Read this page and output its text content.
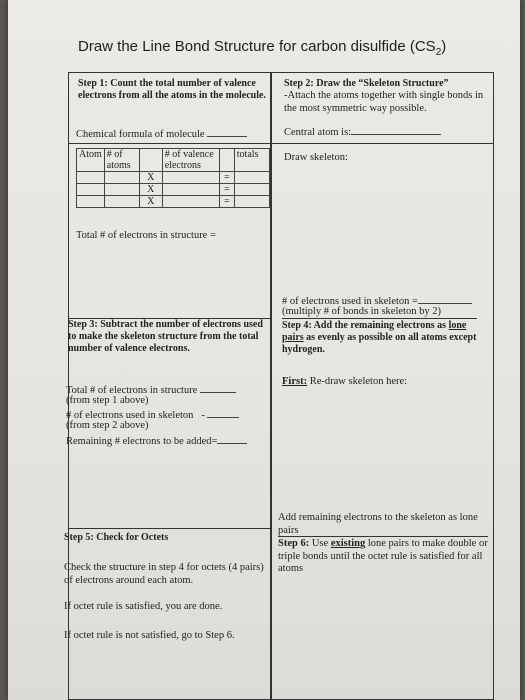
Draw the Line Bond Structure for carbon disulfide $(CS_2)$
Step 1: Count the total number of valence electrons from all the atoms in the molecule.
Chemical formula of molecule
Atom	# of atoms		# of valence electrons		totals
		X		=	
		X		=	
		X		=	
Total # of electrons in structure =
Step 2: Draw the “Skeleton Structure”
-Attach the atoms together with single bonds in the most symmetric way possible.
Central atom is:
Draw skeleton:
Step 3: Subtract the number of electrons used to make the skeleton structure from the total number of valence electrons.
Total # of electrons in structure
(from step 1 above)
# of electrons used in skeleton -
(from step 2 above)
Remaining # electrons to be added=
# of electrons used in skeleton =
(multiply # of bonds in skeleton by 2)
Step 4: Add the remaining electrons as lone pairs as evenly as possible on all atoms except hydrogen.
First: Re-draw skeleton here:
Add remaining electrons to the skeleton as lone pairs
Step 6: Use existing lone pairs to make double or triple bonds until the octet rule is satisfied for all atoms
Step 5: Check for Octets
Check the structure in step 4 for octets (4 pairs) of electrons around each atom.
If octet rule is satisfied, you are done.
If octet rule is not satisfied, go to Step 6.
